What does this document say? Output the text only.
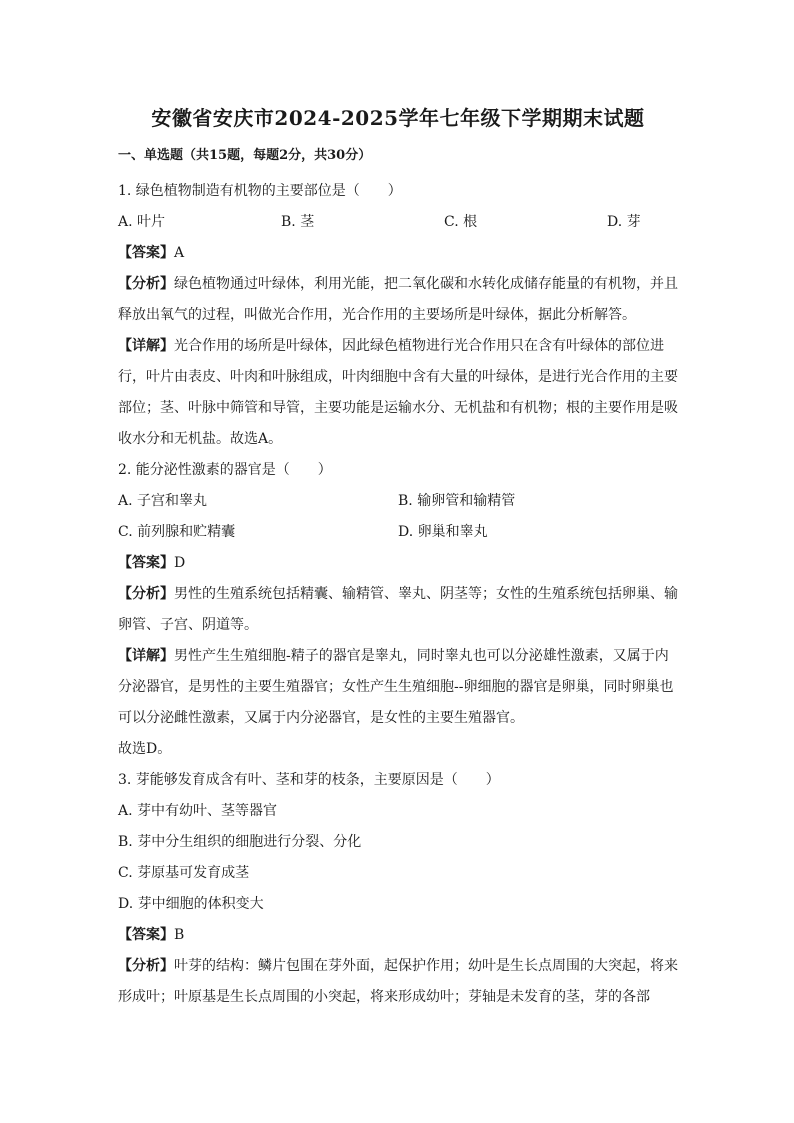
安徽省安庆市2024-2025学年七年级下学期期末试题
一、单选题（共15题，每题2分，共30分）

1. 绿色植物制造有机物的主要部位是（　　）

A. 叶片	B. 茎	C. 根	D. 芽

【答案】A

【分析】绿色植物通过叶绿体，利用光能，把二氧化碳和水转化成储存能量的有机物，并且释放出氧气的过程，叫做光合作用，光合作用的主要场所是叶绿体，据此分析解答。

【详解】光合作用的场所是叶绿体，因此绿色植物进行光合作用只在含有叶绿体的部位进行，叶片由表皮、叶肉和叶脉组成，叶肉细胞中含有大量的叶绿体，是进行光合作用的主要部位；茎、叶脉中筛管和导管，主要功能是运输水分、无机盐和有机物；根的主要作用是吸收水分和无机盐。故选A。

2. 能分泌性激素的器官是（　　）

A. 子宫和睾丸	B. 输卵管和输精管
C. 前列腺和贮精囊	D. 卵巢和睾丸

【答案】D

【分析】男性的生殖系统包括精囊、输精管、睾丸、阴茎等；女性的生殖系统包括卵巢、输卵管、子宫、阴道等。

【详解】男性产生生殖细胞-精子的器官是睾丸，同时睾丸也可以分泌雄性激素，又属于内分泌器官，是男性的主要生殖器官；女性产生生殖细胞--卵细胞的器官是卵巢，同时卵巢也可以分泌雌性激素，又属于内分泌器官，是女性的主要生殖器官。

故选D。

3. 芽能够发育成含有叶、茎和芽的枝条，主要原因是（　　）

A. 芽中有幼叶、茎等器官

B. 芽中分生组织的细胞进行分裂、分化

C. 芽原基可发育成茎

D. 芽中细胞的体积变大

【答案】B

【分析】叶芽的结构：鳞片包围在芽外面，起保护作用；幼叶是生长点周围的大突起，将来形成叶；叶原基是生长点周围的小突起，将来形成幼叶；芽轴是未发育的茎，芽的各部
